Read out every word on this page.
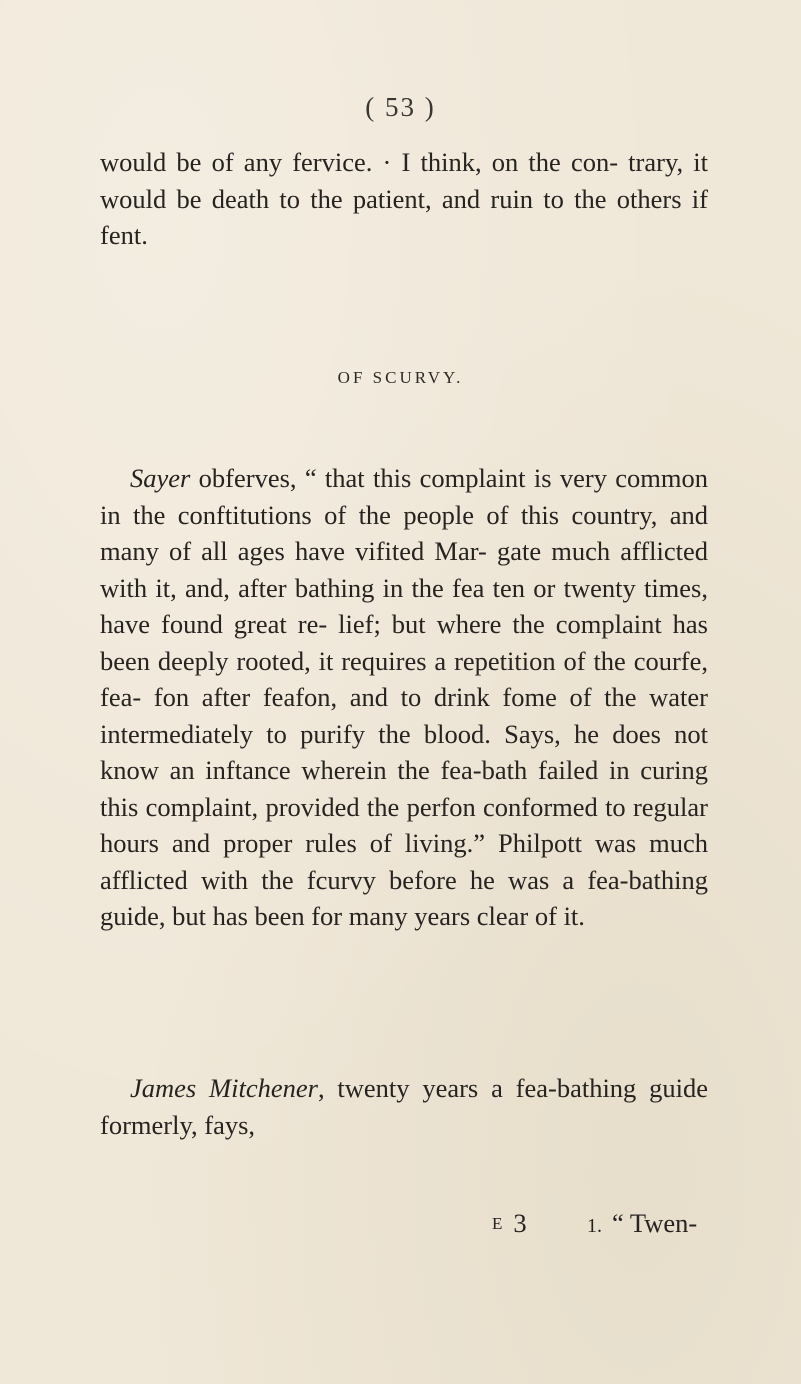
( 53 )

would be of any fervice. · I think, on the con- trary, it would be death to the patient, and ruin to the others if fent.

OF SCURVY.

Sayer obferves, “ that this complaint is very common in the conftitutions of the people of this country, and many of all ages have vifited Mar- gate much afflicted with it, and, after bathing in the fea ten or twenty times, have found great re- lief; but where the complaint has been deeply rooted, it requires a repetition of the courfe, fea- fon after feafon, and to drink fome of the water intermediately to purify the blood. Says, he does not know an inftance wherein the fea-bath failed in curing this complaint, provided the perfon conformed to regular hours and proper rules of living.” Philpott was much afflicted with the fcurvy before he was a fea-bathing guide, but has been for many years clear of it.

James Mitchener, twenty years a fea-bathing guide formerly, fays,

E 3	1. “ Twen-
